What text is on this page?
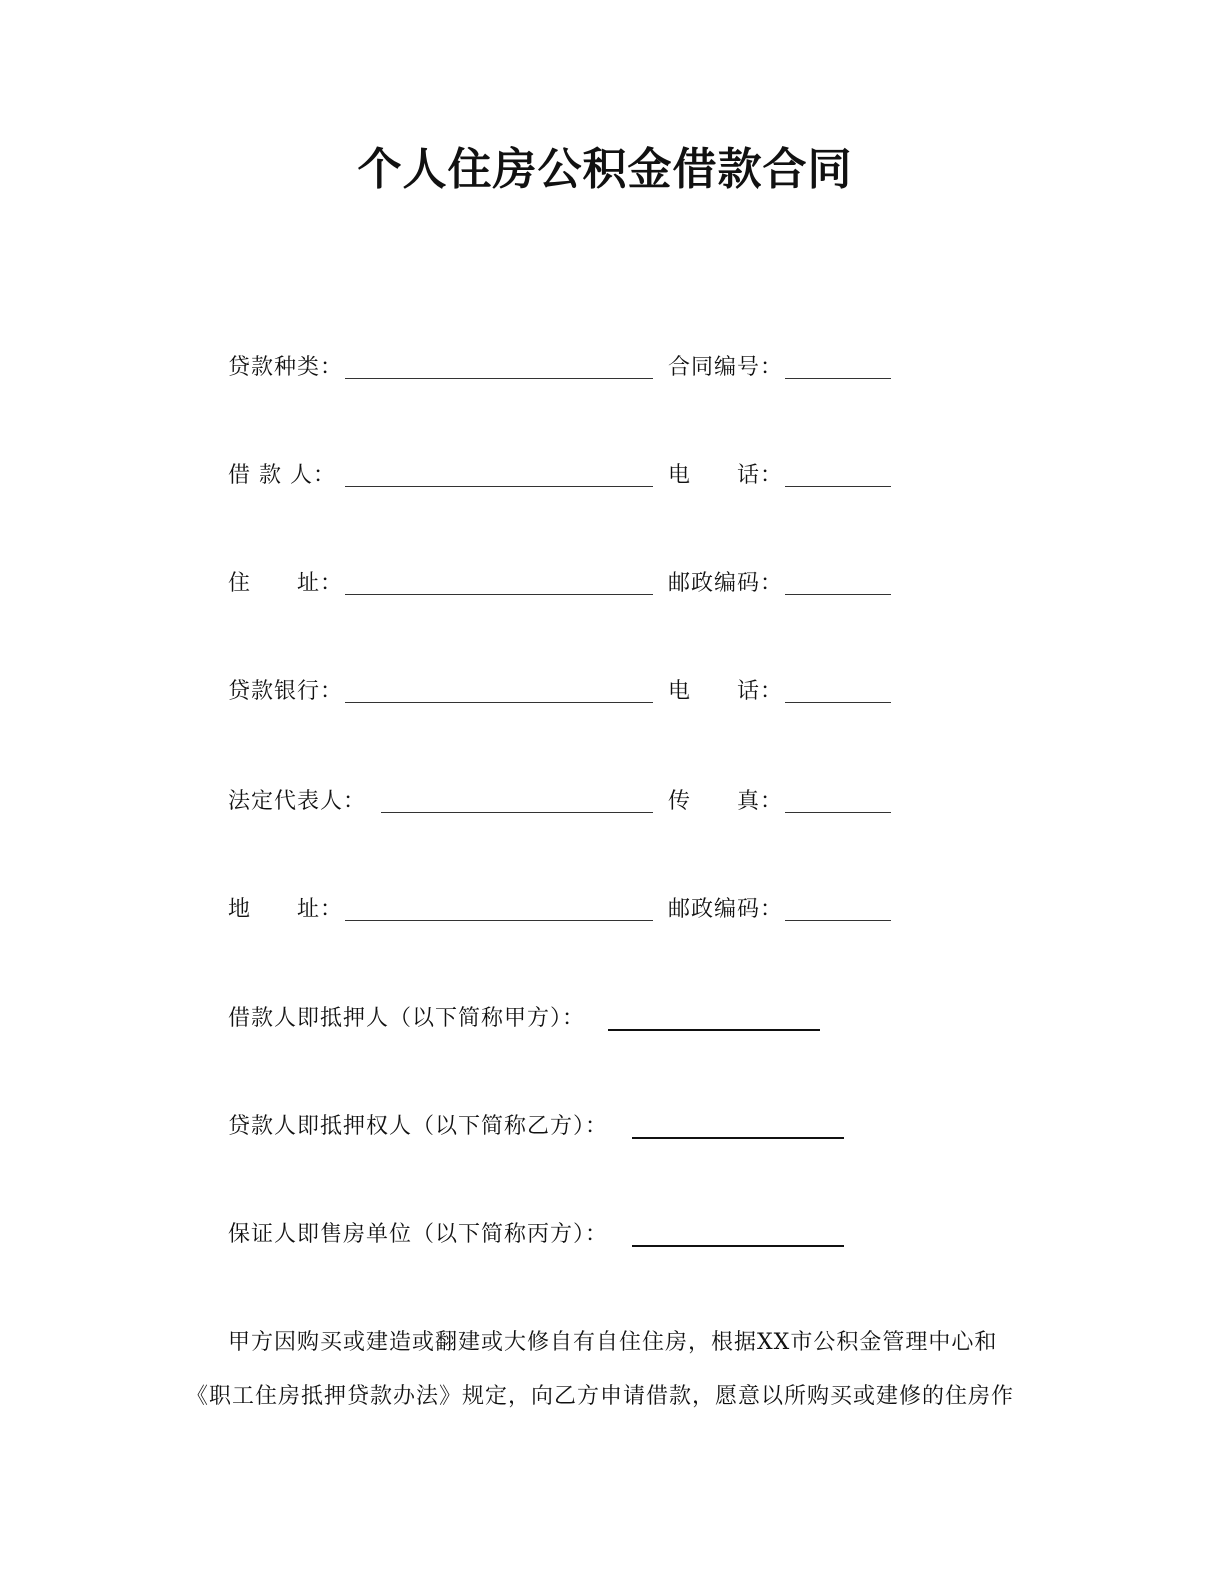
个人住房公积金借款合同
贷款种类：	合同编号：
借 款 人：	电　　话：
住　　址：	邮政编码：
贷款银行：	电　　话：
法定代表人：	传　　真：
地　　址：	邮政编码：
借款人即抵押人（以下简称甲方）：
贷款人即抵押权人（以下简称乙方）：
保证人即售房单位（以下简称丙方）：
甲方因购买或建造或翻建或大修自有自住住房，根据XX市公积金管理中心和
《职工住房抵押贷款办法》规定，向乙方申请借款，愿意以所购买或建修的住房作
